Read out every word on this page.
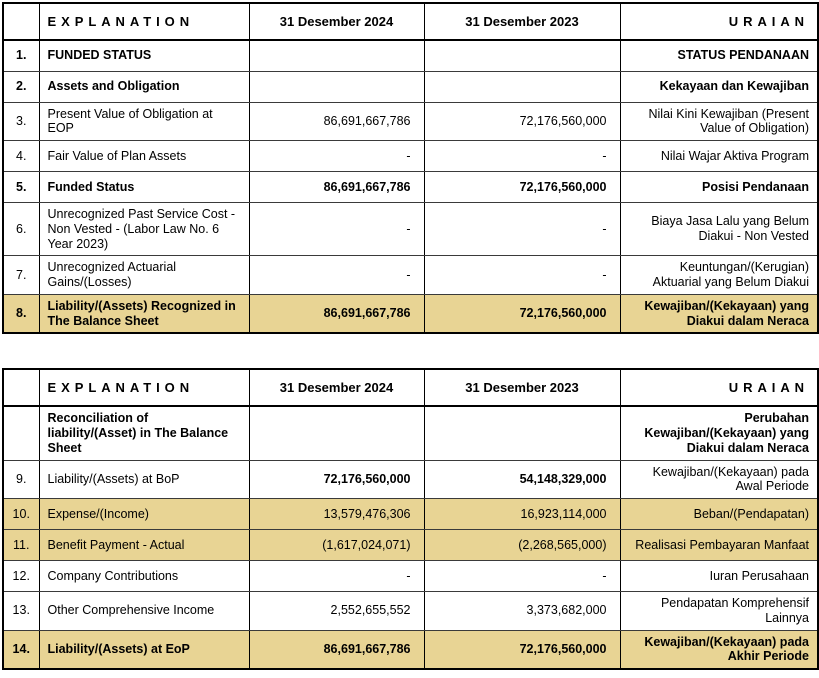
	EXPLANATION	31 Desember 2024	31 Desember 2023	URAIAN
1.	FUNDED STATUS			STATUS PENDANAAN
2.	Assets and Obligation			Kekayaan dan Kewajiban
3.	Present Value of Obligation at EOP	86,691,667,786	72,176,560,000	Nilai Kini Kewajiban (Present Value of Obligation)
4.	Fair Value of Plan Assets	-	-	Nilai Wajar Aktiva Program
5.	Funded Status	86,691,667,786	72,176,560,000	Posisi Pendanaan
6.	Unrecognized Past Service Cost - Non Vested - (Labor Law No. 6 Year 2023)	-	-	Biaya Jasa Lalu yang Belum Diakui - Non Vested
7.	Unrecognized Actuarial Gains/(Losses)	-	-	Keuntungan/(Kerugian) Aktuarial yang Belum Diakui
8.	Liability/(Assets) Recognized in The Balance Sheet	86,691,667,786	72,176,560,000	Kewajiban/(Kekayaan) yang Diakui dalam Neraca
	EXPLANATION	31 Desember 2024	31 Desember 2023	URAIAN
	Reconciliation of liability/(Asset) in The Balance Sheet			Perubahan Kewajiban/(Kekayaan) yang Diakui dalam Neraca
9.	Liability/(Assets) at BoP	72,176,560,000	54,148,329,000	Kewajiban/(Kekayaan) pada Awal Periode
10.	Expense/(Income)	13,579,476,306	16,923,114,000	Beban/(Pendapatan)
11.	Benefit Payment - Actual	(1,617,024,071)	(2,268,565,000)	Realisasi Pembayaran Manfaat
12.	Company Contributions	-	-	Iuran Perusahaan
13.	Other Comprehensive Income	2,552,655,552	3,373,682,000	Pendapatan Komprehensif Lainnya
14.	Liability/(Assets) at EoP	86,691,667,786	72,176,560,000	Kewajiban/(Kekayaan) pada Akhir Periode
